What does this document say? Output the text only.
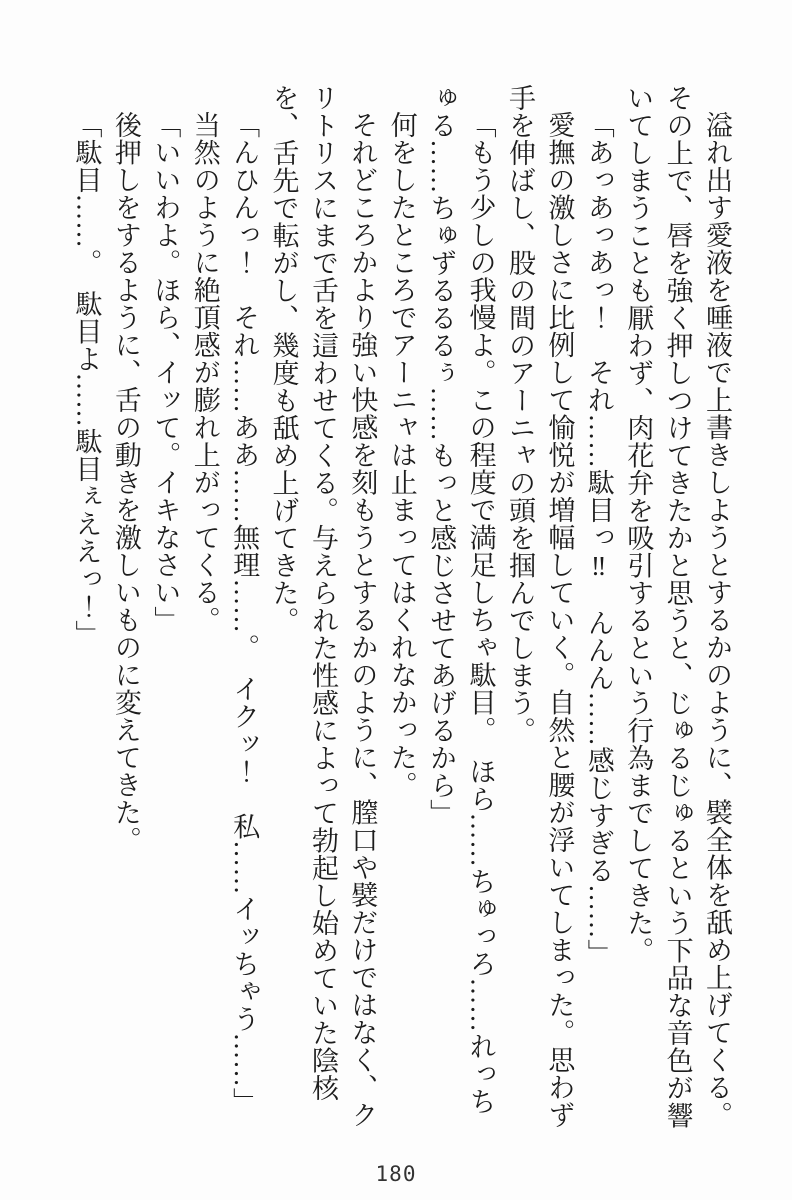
溢れ出す愛液を唾液で上書きしようとするかのように、襞全体を舐め上げてくる。その上で、唇を強く押しつけてきたかと思うと、じゅるじゅるという下品な音色が響いてしまうことも厭わず、肉花弁を吸引するという行為までしてきた。

「あっあっあっ！　それ……駄目っ‼　んんん……感じすぎる……」

愛撫の激しさに比例して愉悦が増幅していく。自然と腰が浮いてしまった。思わず手を伸ばし、股の間のアーニャの頭を掴んでしまう。

「もう少しの我慢よ。この程度で満足しちゃ駄目。　ほら……ちゅっろ……れっちゅる……ちゅずるるるぅ……もっと感じさせてあげるから」

何をしたところでアーニャは止まってはくれなかった。

それどころかより強い快感を刻もうとするかのように、膣口や襞だけではなく、クリトリスにまで舌を這わせてくる。与えられた性感によって勃起し始めていた陰核を、舌先で転がし、幾度も舐め上げてきた。

「んひんっ！　それ……ああ……無理……。　イクッ！　私……イッちゃう……」

当然のように絶頂感が膨れ上がってくる。

「いいわよ。ほら、イッて。イキなさい」

後押しをするように、舌の動きを激しいものに変えてきた。

「駄目……。　駄目よ……駄目ぇええっ！」

180
